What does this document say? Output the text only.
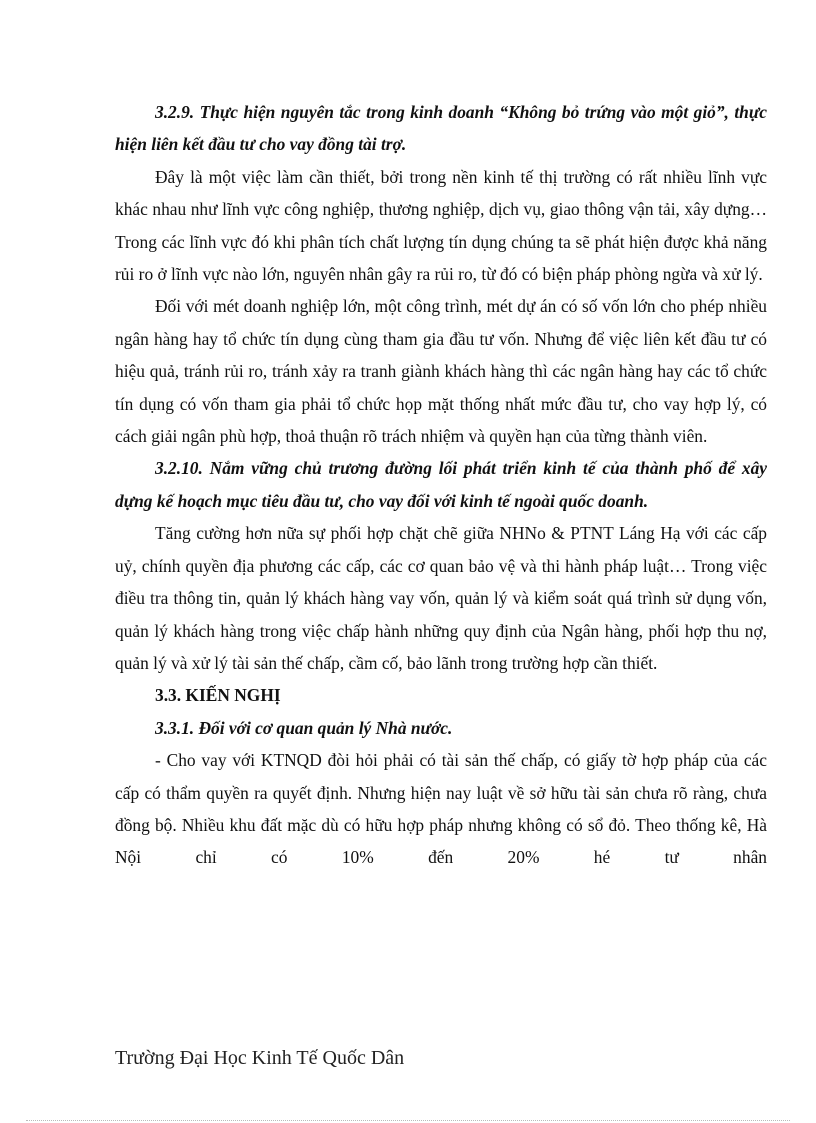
3.2.9. Thực hiện nguyên tắc trong kinh doanh “Không bỏ trứng vào một giỏ”, thực hiện liên kết đầu tư cho vay đồng tài trợ.

Đây là một việc làm cần thiết, bởi trong nền kinh tế thị trường có rất nhiều lĩnh vực khác nhau như lĩnh vực công nghiệp, thương nghiệp, dịch vụ, giao thông vận tải, xây dựng…Trong các lĩnh vực đó khi phân tích chất lượng tín dụng chúng ta sẽ phát hiện được khả năng rủi ro ở lĩnh vực nào lớn, nguyên nhân gây ra rủi ro, từ đó có biện pháp phòng ngừa và xử lý.

Đối với mét doanh nghiệp lớn, một công trình, mét dự án có số vốn lớn cho phép nhiều ngân hàng hay tổ chức tín dụng cùng tham gia đầu tư vốn. Nhưng để việc liên kết đầu tư có hiệu quả, tránh rủi ro, tránh xảy ra tranh giành khách hàng thì các ngân hàng hay các tổ chức tín dụng có vốn tham gia phải tổ chức họp mặt thống nhất mức đầu tư, cho vay hợp lý, có cách giải ngân phù hợp, thoả thuận rõ trách nhiệm và quyền hạn của từng thành viên.

3.2.10. Nắm vững chủ trương đường lối phát triển kinh tế của thành phố để xây dựng kế hoạch mục tiêu đầu tư, cho vay đối với kinh tế ngoài quốc doanh.

Tăng cường hơn nữa sự phối hợp chặt chẽ giữa NHNo & PTNT Láng Hạ với các cấp uỷ, chính quyền địa phương các cấp, các cơ quan bảo vệ và thi hành pháp luật… Trong việc điều tra thông tin, quản lý khách hàng vay vốn, quản lý và kiểm soát quá trình sử dụng vốn, quản lý khách hàng trong việc chấp hành những quy định của Ngân hàng, phối hợp thu nợ, quản lý và xử lý tài sản thế chấp, cầm cố, bảo lãnh trong trường hợp cần thiết.

3.3. KIẾN NGHỊ

3.3.1. Đối với cơ quan quản lý Nhà nước.

- Cho vay với KTNQD đòi hỏi phải có tài sản thế chấp, có giấy tờ hợp pháp của các cấp có thẩm quyền ra quyết định. Nhưng hiện nay luật về sở hữu tài sản chưa rõ ràng, chưa đồng bộ. Nhiều khu đất mặc dù có hữu hợp pháp nhưng không có sổ đỏ. Theo thống kê, Hà Nội chỉ có 10% đến 20% hé tư nhân

Trường Đại Học Kinh Tế Quốc Dân
